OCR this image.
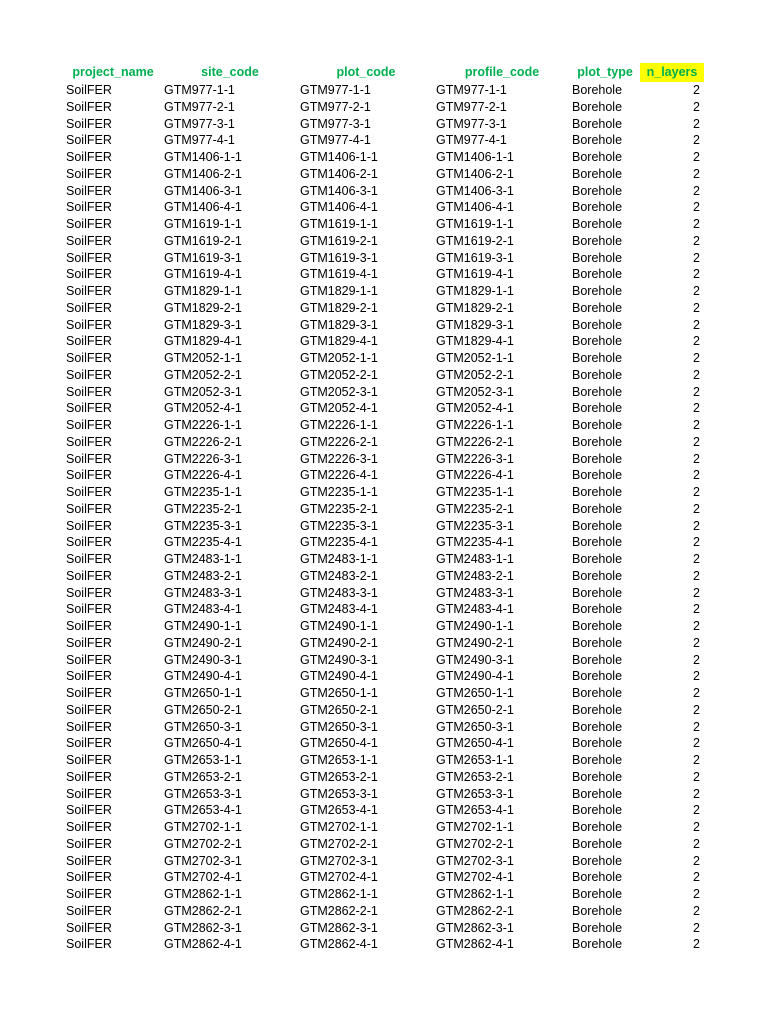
project_name	site_code	plot_code	profile_code	plot_type	n_layers
SoilFER	GTM977-1-1	GTM977-1-1	GTM977-1-1	Borehole	2
SoilFER	GTM977-2-1	GTM977-2-1	GTM977-2-1	Borehole	2
SoilFER	GTM977-3-1	GTM977-3-1	GTM977-3-1	Borehole	2
SoilFER	GTM977-4-1	GTM977-4-1	GTM977-4-1	Borehole	2
SoilFER	GTM1406-1-1	GTM1406-1-1	GTM1406-1-1	Borehole	2
SoilFER	GTM1406-2-1	GTM1406-2-1	GTM1406-2-1	Borehole	2
SoilFER	GTM1406-3-1	GTM1406-3-1	GTM1406-3-1	Borehole	2
SoilFER	GTM1406-4-1	GTM1406-4-1	GTM1406-4-1	Borehole	2
SoilFER	GTM1619-1-1	GTM1619-1-1	GTM1619-1-1	Borehole	2
SoilFER	GTM1619-2-1	GTM1619-2-1	GTM1619-2-1	Borehole	2
SoilFER	GTM1619-3-1	GTM1619-3-1	GTM1619-3-1	Borehole	2
SoilFER	GTM1619-4-1	GTM1619-4-1	GTM1619-4-1	Borehole	2
SoilFER	GTM1829-1-1	GTM1829-1-1	GTM1829-1-1	Borehole	2
SoilFER	GTM1829-2-1	GTM1829-2-1	GTM1829-2-1	Borehole	2
SoilFER	GTM1829-3-1	GTM1829-3-1	GTM1829-3-1	Borehole	2
SoilFER	GTM1829-4-1	GTM1829-4-1	GTM1829-4-1	Borehole	2
SoilFER	GTM2052-1-1	GTM2052-1-1	GTM2052-1-1	Borehole	2
SoilFER	GTM2052-2-1	GTM2052-2-1	GTM2052-2-1	Borehole	2
SoilFER	GTM2052-3-1	GTM2052-3-1	GTM2052-3-1	Borehole	2
SoilFER	GTM2052-4-1	GTM2052-4-1	GTM2052-4-1	Borehole	2
SoilFER	GTM2226-1-1	GTM2226-1-1	GTM2226-1-1	Borehole	2
SoilFER	GTM2226-2-1	GTM2226-2-1	GTM2226-2-1	Borehole	2
SoilFER	GTM2226-3-1	GTM2226-3-1	GTM2226-3-1	Borehole	2
SoilFER	GTM2226-4-1	GTM2226-4-1	GTM2226-4-1	Borehole	2
SoilFER	GTM2235-1-1	GTM2235-1-1	GTM2235-1-1	Borehole	2
SoilFER	GTM2235-2-1	GTM2235-2-1	GTM2235-2-1	Borehole	2
SoilFER	GTM2235-3-1	GTM2235-3-1	GTM2235-3-1	Borehole	2
SoilFER	GTM2235-4-1	GTM2235-4-1	GTM2235-4-1	Borehole	2
SoilFER	GTM2483-1-1	GTM2483-1-1	GTM2483-1-1	Borehole	2
SoilFER	GTM2483-2-1	GTM2483-2-1	GTM2483-2-1	Borehole	2
SoilFER	GTM2483-3-1	GTM2483-3-1	GTM2483-3-1	Borehole	2
SoilFER	GTM2483-4-1	GTM2483-4-1	GTM2483-4-1	Borehole	2
SoilFER	GTM2490-1-1	GTM2490-1-1	GTM2490-1-1	Borehole	2
SoilFER	GTM2490-2-1	GTM2490-2-1	GTM2490-2-1	Borehole	2
SoilFER	GTM2490-3-1	GTM2490-3-1	GTM2490-3-1	Borehole	2
SoilFER	GTM2490-4-1	GTM2490-4-1	GTM2490-4-1	Borehole	2
SoilFER	GTM2650-1-1	GTM2650-1-1	GTM2650-1-1	Borehole	2
SoilFER	GTM2650-2-1	GTM2650-2-1	GTM2650-2-1	Borehole	2
SoilFER	GTM2650-3-1	GTM2650-3-1	GTM2650-3-1	Borehole	2
SoilFER	GTM2650-4-1	GTM2650-4-1	GTM2650-4-1	Borehole	2
SoilFER	GTM2653-1-1	GTM2653-1-1	GTM2653-1-1	Borehole	2
SoilFER	GTM2653-2-1	GTM2653-2-1	GTM2653-2-1	Borehole	2
SoilFER	GTM2653-3-1	GTM2653-3-1	GTM2653-3-1	Borehole	2
SoilFER	GTM2653-4-1	GTM2653-4-1	GTM2653-4-1	Borehole	2
SoilFER	GTM2702-1-1	GTM2702-1-1	GTM2702-1-1	Borehole	2
SoilFER	GTM2702-2-1	GTM2702-2-1	GTM2702-2-1	Borehole	2
SoilFER	GTM2702-3-1	GTM2702-3-1	GTM2702-3-1	Borehole	2
SoilFER	GTM2702-4-1	GTM2702-4-1	GTM2702-4-1	Borehole	2
SoilFER	GTM2862-1-1	GTM2862-1-1	GTM2862-1-1	Borehole	2
SoilFER	GTM2862-2-1	GTM2862-2-1	GTM2862-2-1	Borehole	2
SoilFER	GTM2862-3-1	GTM2862-3-1	GTM2862-3-1	Borehole	2
SoilFER	GTM2862-4-1	GTM2862-4-1	GTM2862-4-1	Borehole	2
